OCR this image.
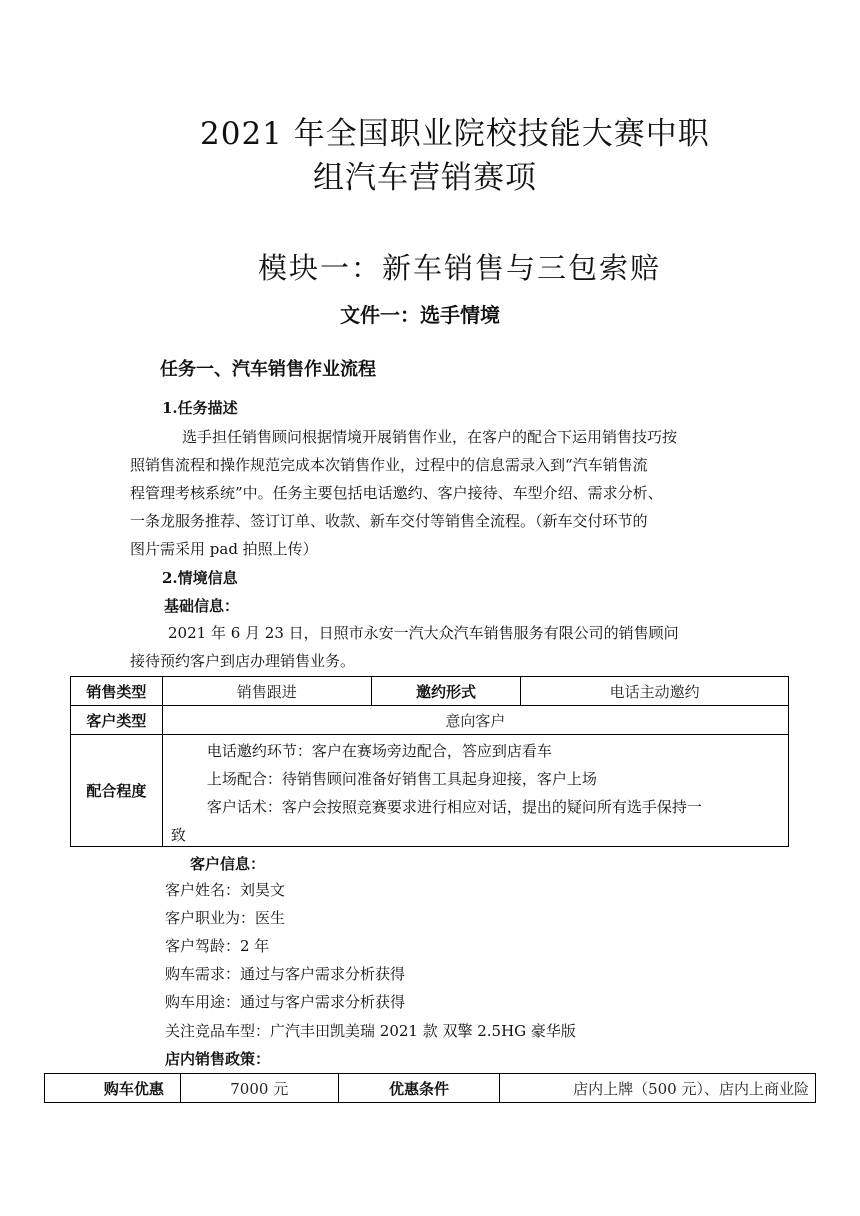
2021 年全国职业院校技能大赛中职
组汽车营销赛项
模块一：新车销售与三包索赔
文件一：选手情境
任务一、汽车销售作业流程
1.任务描述
选手担任销售顾问根据情境开展销售作业，在客户的配合下运用销售技巧按
照销售流程和操作规范完成本次销售作业，过程中的信息需录入到“汽车销售流
程管理考核系统”中。任务主要包括电话邀约、客户接待、车型介绍、需求分析、
一条龙服务推荐、签订订单、收款、新车交付等销售全流程。（新车交付环节的
图片需采用 pad 拍照上传）
2.情境信息
基础信息：
2021 年 6 月 23 日，日照市永安一汽大众汽车销售服务有限公司的销售顾问
接待预约客户到店办理销售业务。
销售类型	销售跟进	邀约形式	电话主动邀约
客户类型	意向客户		
配合程度	电话邀约环节：客户在赛场旁边配合，答应到店看车
上场配合：待销售顾问准备好销售工具起身迎接，客户上场
客户话术：客户会按照竞赛要求进行相应对话，提出的疑问所有选手保持一
致		
客户信息：
客户姓名：刘昊文
客户职业为：医生
客户驾龄：2 年
购车需求：通过与客户需求分析获得
购车用途：通过与客户需求分析获得
关注竞品车型：广汽丰田凯美瑞 2021 款 双擎 2.5HG 豪华版
店内销售政策：
购车优惠	7000 元	优惠条件	店内上牌（500 元）、店内上商业险
